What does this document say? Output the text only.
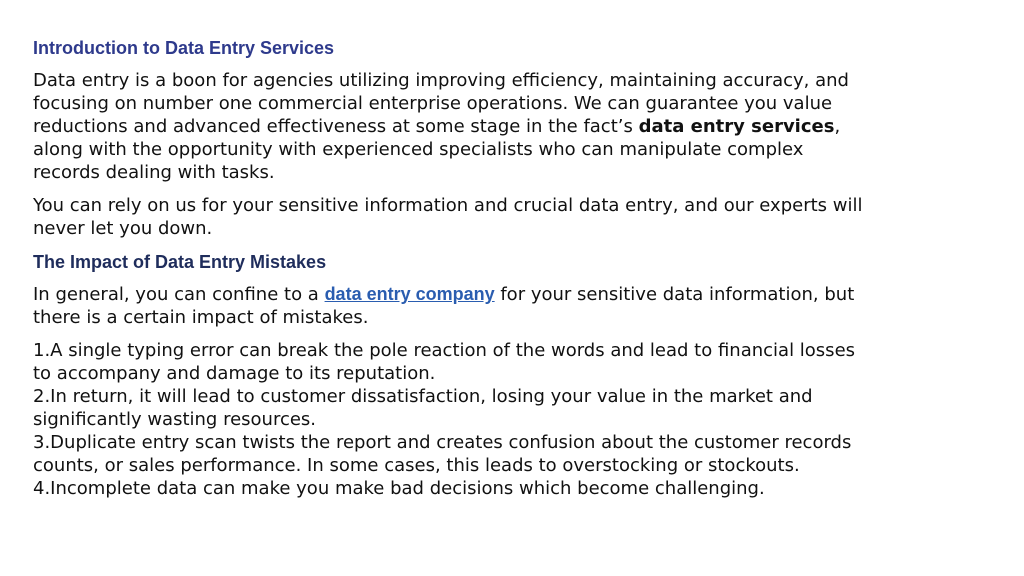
Introduction to Data Entry Services

Data entry is a boon for agencies utilizing improving efficiency, maintaining accuracy, and focusing on number one commercial enterprise operations. We can guarantee you value reductions and advanced effectiveness at some stage in the fact’s data entry services, along with the opportunity with experienced specialists who can manipulate complex records dealing with tasks.

You can rely on us for your sensitive information and crucial data entry, and our experts will never let you down.

The Impact of Data Entry Mistakes

In general, you can confine to a data entry company for your sensitive data information, but there is a certain impact of mistakes.

1.A single typing error can break the pole reaction of the words and lead to financial losses to accompany and damage to its reputation.
2.In return, it will lead to customer dissatisfaction, losing your value in the market and significantly wasting resources.
3.Duplicate entry scan twists the report and creates confusion about the customer records counts, or sales performance. In some cases, this leads to overstocking or stockouts.
4.Incomplete data can make you make bad decisions which become challenging.
